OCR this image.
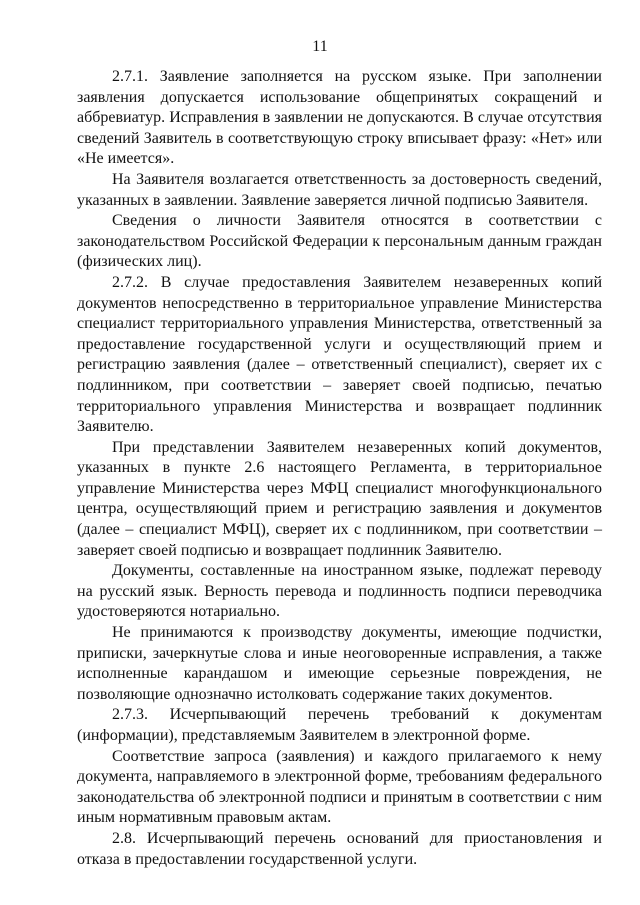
11

2.7.1. Заявление заполняется на русском языке. При заполнении заявления допускается использование общепринятых сокращений и аббревиатур. Исправления в заявлении не допускаются. В случае отсутствия сведений Заявитель в соответствующую строку вписывает фразу: «Нет» или «Не имеется».

На Заявителя возлагается ответственность за достоверность сведений, указанных в заявлении. Заявление заверяется личной подписью Заявителя.

Сведения о личности Заявителя относятся в соответствии с законодательством Российской Федерации к персональным данным граждан (физических лиц).

2.7.2. В случае предоставления Заявителем незаверенных копий документов непосредственно в территориальное управление Министерства специалист территориального управления Министерства, ответственный за предоставление государственной услуги и осуществляющий прием и регистрацию заявления (далее – ответственный специалист), сверяет их с подлинником, при соответствии – заверяет своей подписью, печатью территориального управления Министерства и возвращает подлинник Заявителю.

При представлении Заявителем незаверенных копий документов, указанных в пункте 2.6 настоящего Регламента, в территориальное управление Министерства через МФЦ специалист многофункционального центра, осуществляющий прием и регистрацию заявления и документов (далее – специалист МФЦ), сверяет их с подлинником, при соответствии – заверяет своей подписью и возвращает подлинник Заявителю.

Документы, составленные на иностранном языке, подлежат переводу на русский язык. Верность перевода и подлинность подписи переводчика удостоверяются нотариально.

Не принимаются к производству документы, имеющие подчистки, приписки, зачеркнутые слова и иные неоговоренные исправления, а также исполненные карандашом и имеющие серьезные повреждения, не позволяющие однозначно истолковать содержание таких документов.

2.7.3. Исчерпывающий перечень требований к документам (информации), представляемым Заявителем в электронной форме.

Соответствие запроса (заявления) и каждого прилагаемого к нему документа, направляемого в электронной форме, требованиям федерального законодательства об электронной подписи и принятым в соответствии с ним иным нормативным правовым актам.

2.8. Исчерпывающий перечень оснований для приостановления и отказа в предоставлении государственной услуги.
